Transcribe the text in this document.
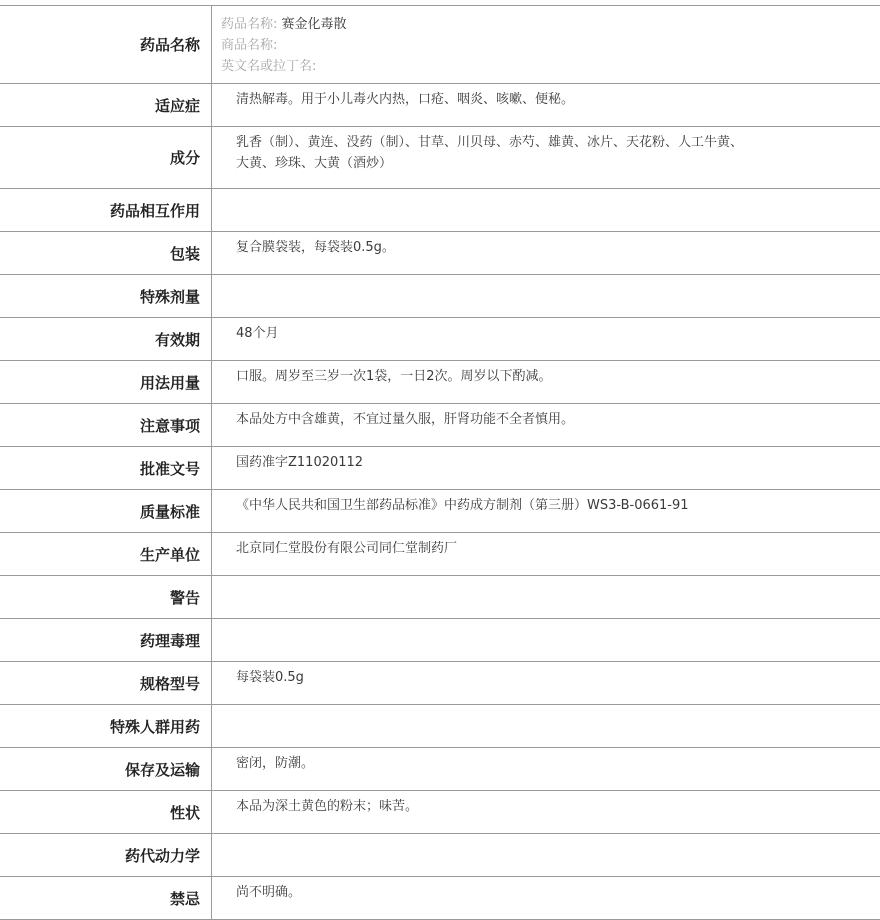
药品名称	药品名称: 赛金化毒散
商品名称:
英文名或拉丁名:

适应症	清热解毒。用于小儿毒火内热，口疮、咽炎、咳嗽、便秘。

成分	乳香（制）、黄连、没药（制）、甘草、川贝母、赤芍、雄黄、冰片、天花粉、人工牛黄、
大黄、珍珠、大黄（酒炒）

药品相互作用	

包装	复合膜袋装，每袋装0.5g。

特殊剂量	

有效期	48个月

用法用量	口服。周岁至三岁一次1袋，一日2次。周岁以下酌减。

注意事项	本品处方中含雄黄，不宜过量久服，肝肾功能不全者慎用。

批准文号	国药准字Z11020112

质量标准	《中华人民共和国卫生部药品标准》中药成方制剂（第三册）WS3-B-0661-91

生产单位	北京同仁堂股份有限公司同仁堂制药厂

警告	

药理毒理	

规格型号	每袋装0.5g

特殊人群用药	

保存及运输	密闭，防潮。

性状	本品为深土黄色的粉末；味苦。

药代动力学	

禁忌	尚不明确。
